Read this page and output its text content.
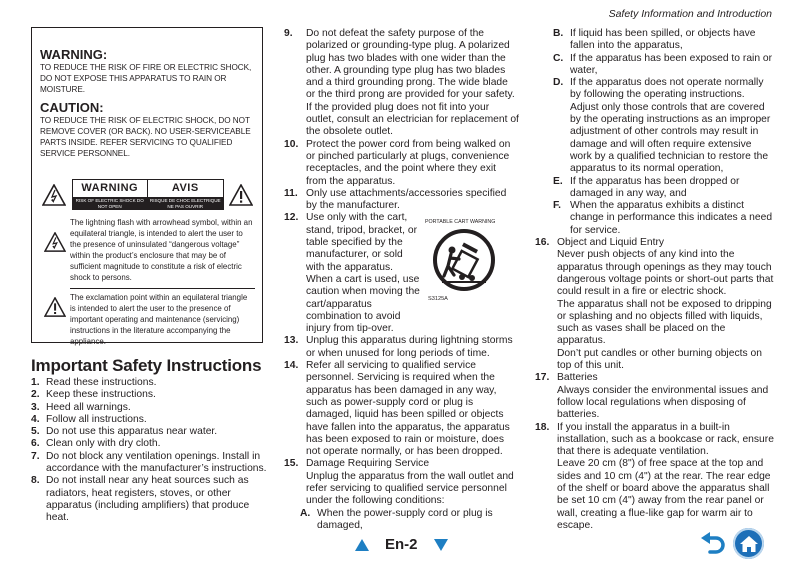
Safety Information and Introduction
WARNING:
TO REDUCE THE RISK OF FIRE OR ELECTRIC SHOCK, DO NOT EXPOSE THIS APPARATUS TO RAIN OR MOISTURE.
CAUTION:
TO REDUCE THE RISK OF ELECTRIC SHOCK, DO NOT REMOVE COVER (OR BACK). NO USER-SERVICEABLE PARTS INSIDE. REFER SERVICING TO QUALIFIED SERVICE PERSONNEL.
WARNING
RISK OF ELECTRIC SHOCK DO NOT OPEN
AVIS
RISQUE DE CHOC ELECTRIQUE NE PAS OUVRIR
The lightning flash with arrowhead symbol, within an equilateral triangle, is intended to alert the user to the presence of uninsulated “dangerous voltage” within the product’s enclosure that may be of sufficient magnitude to constitute a risk of electric shock to persons.
The exclamation point within an equilateral triangle is intended to alert the user to the presence of important operating and maintenance (servicing) instructions in the literature accompanying the appliance.
Important Safety Instructions
1. Read these instructions.
2. Keep these instructions.
3. Heed all warnings.
4. Follow all instructions.
5. Do not use this apparatus near water.
6. Clean only with dry cloth.
7. Do not block any ventilation openings. Install in accordance with the manufacturer’s instructions.
8. Do not install near any heat sources such as radiators, heat registers, stoves, or other apparatus (including amplifiers) that produce heat.
9.	Do not defeat the safety purpose of the polarized or grounding-type plug. A polarized plug has two blades with one wider than the other. A grounding type plug has two blades and a third grounding prong. The wide blade or the third prong are provided for your safety. If the provided plug does not fit into your outlet, consult an electrician for replacement of the obsolete outlet.
10. Protect the power cord from being walked on or pinched particularly at plugs, convenience receptacles, and the point where they exit from the apparatus.
11. Only use attachments/accessories specified by the manufacturer.
12. Use only with the cart, stand, tripod, bracket, or table specified by the manufacturer, or sold with the apparatus. When a cart is used, use caution when moving the cart/apparatus combination to avoid injury from tip-over.
PORTABLE CART WARNING
S3125A
13. Unplug this apparatus during lightning storms or when unused for long periods of time.
14. Refer all servicing to qualified service personnel. Servicing is required when the apparatus has been damaged in any way, such as power-supply cord or plug is damaged, liquid has been spilled or objects have fallen into the apparatus, the apparatus has been exposed to rain or moisture, does not operate normally, or has been dropped.
15. Damage Requiring Service
Unplug the apparatus from the wall outlet and refer servicing to qualified service personnel under the following conditions:
A. When the power-supply cord or plug is damaged,
B. If liquid has been spilled, or objects have fallen into the apparatus,
C. If the apparatus has been exposed to rain or water,
D. If the apparatus does not operate normally by following the operating instructions. Adjust only those controls that are covered by the operating instructions as an improper adjustment of other controls may result in damage and will often require extensive work by a qualified technician to restore the apparatus to its normal operation,
E. If the apparatus has been dropped or damaged in any way, and
F. When the apparatus exhibits a distinct change in performance this indicates a need for service.
16. Object and Liquid Entry
Never push objects of any kind into the apparatus through openings as they may touch dangerous voltage points or short-out parts that could result in a fire or electric shock.
The apparatus shall not be exposed to dripping or splashing and no objects filled with liquids, such as vases shall be placed on the apparatus.
Don’t put candles or other burning objects on top of this unit.
17. Batteries
Always consider the environmental issues and follow local regulations when disposing of batteries.
18. If you install the apparatus in a built-in installation, such as a bookcase or rack, ensure that there is adequate ventilation.
Leave 20 cm (8") of free space at the top and sides and 10 cm (4") at the rear. The rear edge of the shelf or board above the apparatus shall be set 10 cm (4") away from the rear panel or wall, creating a flue-like gap for warm air to escape.
En-2
